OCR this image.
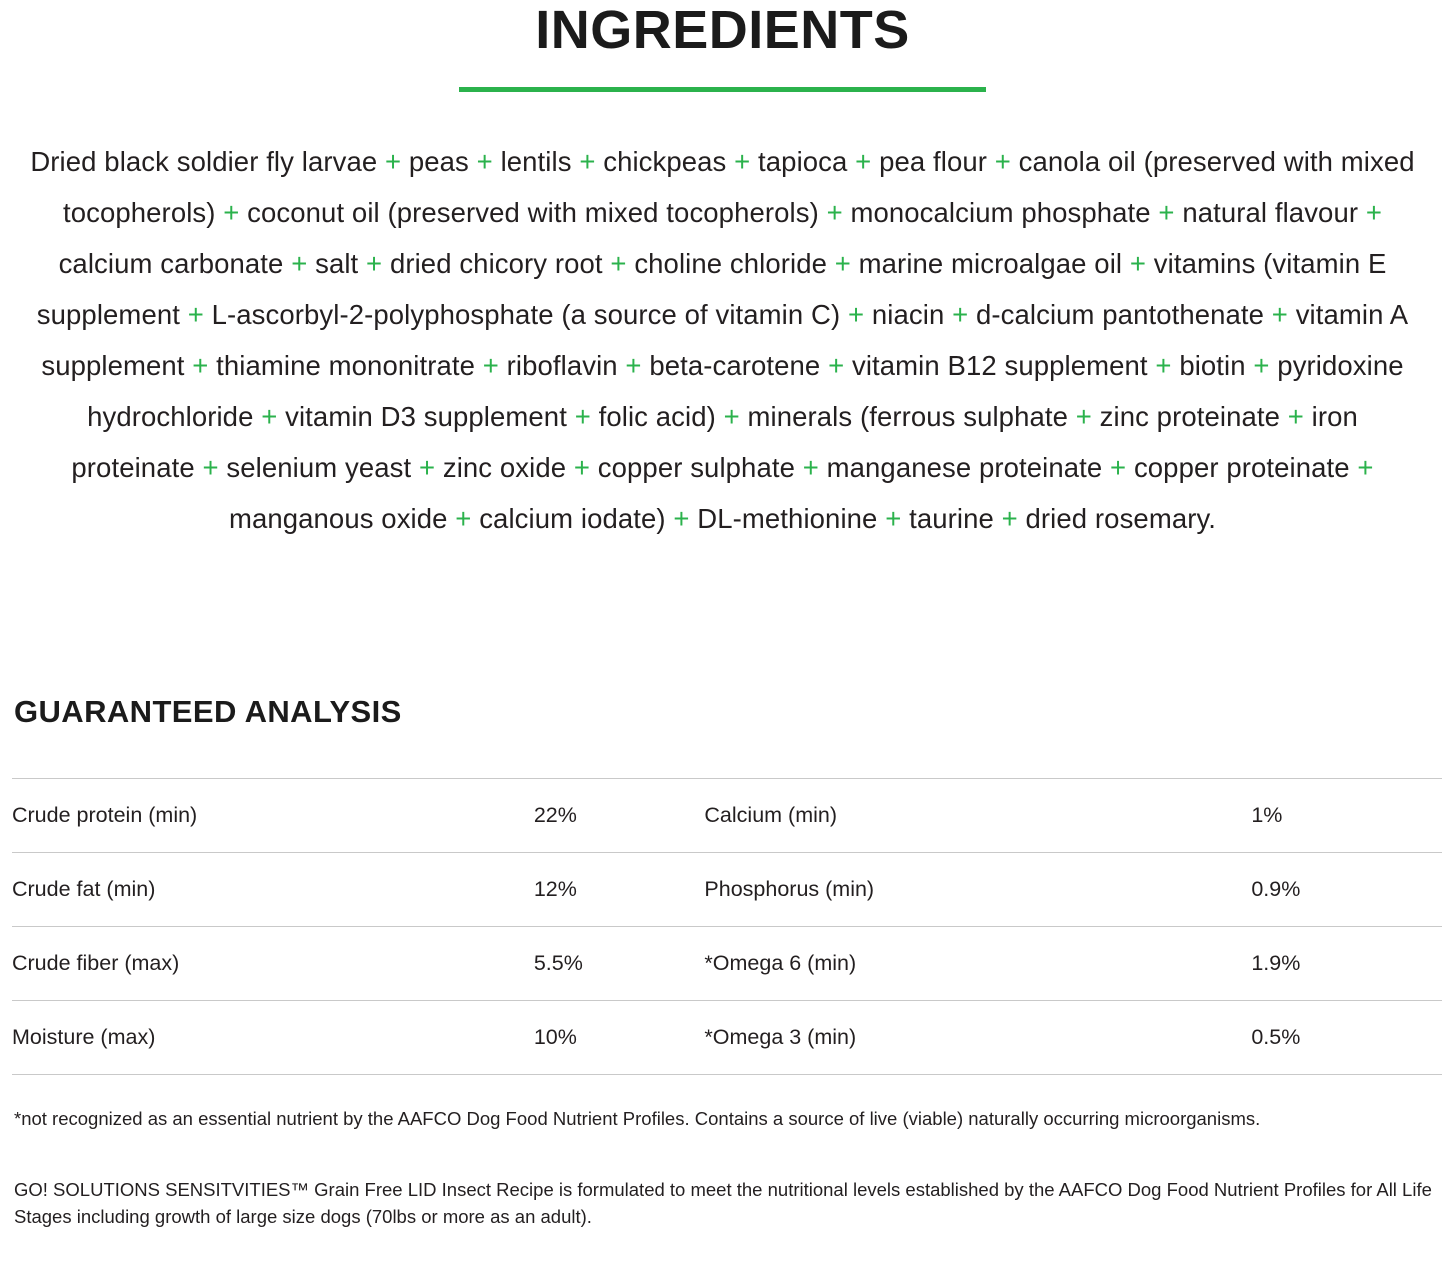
INGREDIENTS
Dried black soldier fly larvae + peas + lentils + chickpeas + tapioca + pea flour + canola oil (preserved with mixed tocopherols) + coconut oil (preserved with mixed tocopherols) + monocalcium phosphate + natural flavour + calcium carbonate + salt + dried chicory root + choline chloride + marine microalgae oil + vitamins (vitamin E supplement + L-ascorbyl-2-polyphosphate (a source of vitamin C) + niacin + d-calcium pantothenate + vitamin A supplement + thiamine mononitrate + riboflavin + beta-carotene + vitamin B12 supplement + biotin + pyridoxine hydrochloride + vitamin D3 supplement + folic acid) + minerals (ferrous sulphate + zinc proteinate + iron proteinate + selenium yeast + zinc oxide + copper sulphate + manganese proteinate + copper proteinate + manganous oxide + calcium iodate) + DL-methionine + taurine + dried rosemary.
GUARANTEED ANALYSIS
Crude protein (min)	22%	Calcium (min)	1%
Crude fat (min)	12%	Phosphorus (min)	0.9%
Crude fiber (max)	5.5%	*Omega 6 (min)	1.9%
Moisture (max)	10%	*Omega 3 (min)	0.5%
*not recognized as an essential nutrient by the AAFCO Dog Food Nutrient Profiles. Contains a source of live (viable) naturally occurring microorganisms.
GO! SOLUTIONS SENSITVITIES™ Grain Free LID Insect Recipe is formulated to meet the nutritional levels established by the AAFCO Dog Food Nutrient Profiles for All Life Stages including growth of large size dogs (70lbs or more as an adult).
